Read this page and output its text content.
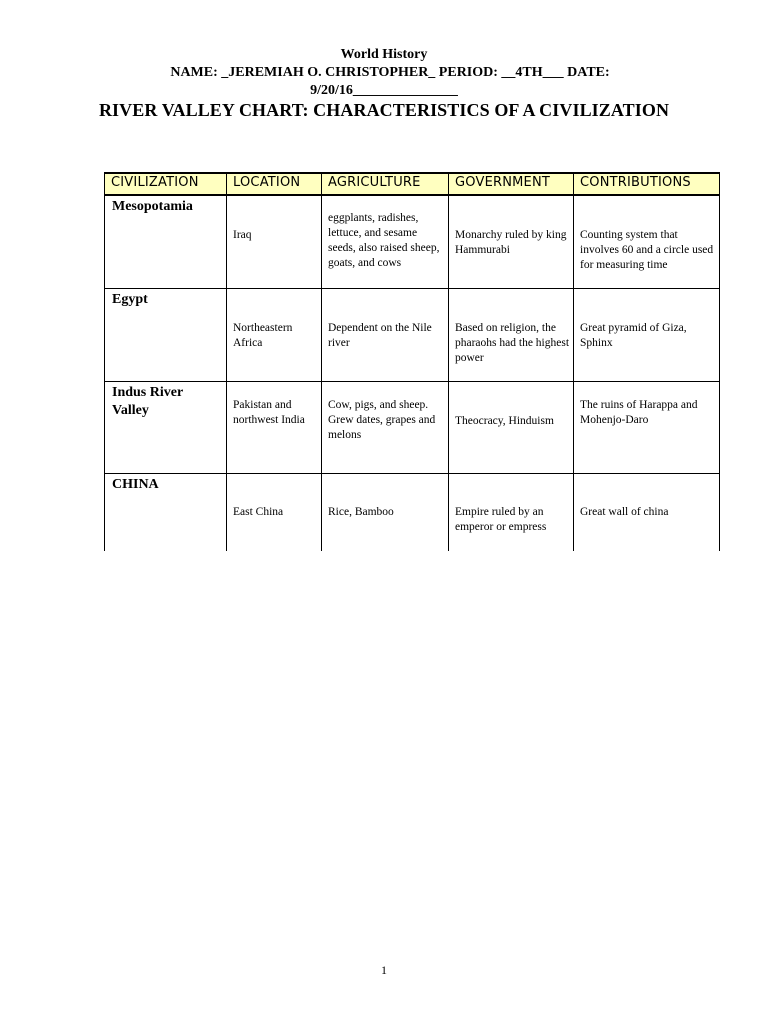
World History
NAME: _JEREMIAH O. CHRISTOPHER_ PERIOD: __4TH___ DATE:
9/20/16_______________
RIVER VALLEY CHART: CHARACTERISTICS OF A CIVILIZATION
CIVILIZATION	LOCATION	AGRICULTURE	GOVERNMENT	CONTRIBUTIONS

Mesopotamia	Iraq	eggplants, radishes, lettuce, and sesame seeds, also raised sheep, goats, and cows	Monarchy ruled by king Hammurabi	Counting system that involves 60 and a circle used for measuring time

Egypt	Northeastern Africa	Dependent on the Nile river	Based on religion, the pharaohs had the highest power	Great pyramid of Giza, Sphinx

Indus River Valley	Pakistan and northwest India	Cow, pigs, and sheep. Grew dates, grapes and melons	Theocracy, Hinduism	The ruins of Harappa and Mohenjo-Daro

CHINA	East China	Rice, Bamboo	Empire ruled by an emperor or empress	Great wall of china
1
